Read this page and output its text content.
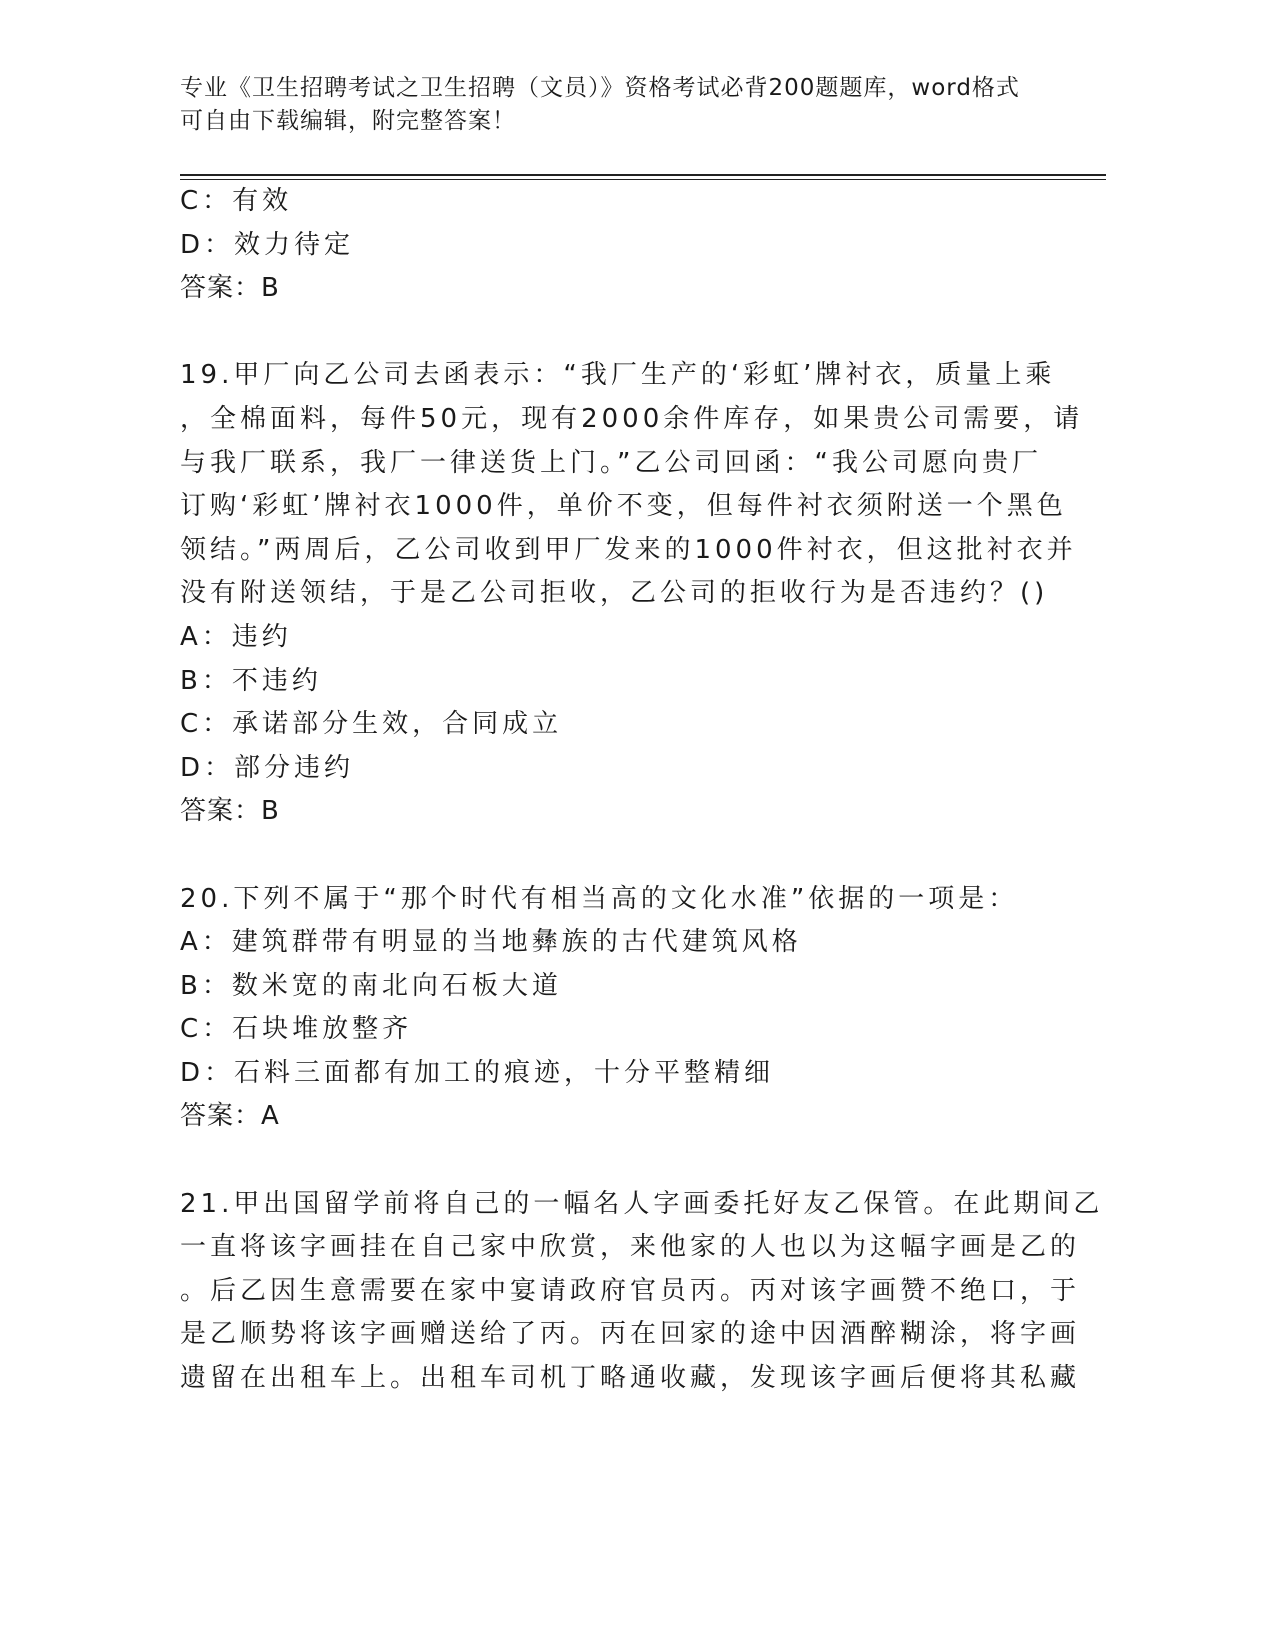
专业《卫生招聘考试之卫生招聘（文员）》资格考试必背200题题库，word格式
可自由下载编辑，附完整答案！
C：有效
D：效力待定
答案：B
19.甲厂向乙公司去函表示：“我厂生产的‘彩虹’牌衬衣，质量上乘
，全棉面料，每件50元，现有2000余件库存，如果贵公司需要，请
与我厂联系，我厂一律送货上门。”乙公司回函：“我公司愿向贵厂
订购‘彩虹’牌衬衣1000件，单价不变，但每件衬衣须附送一个黑色
领结。”两周后，乙公司收到甲厂发来的1000件衬衣，但这批衬衣并
没有附送领结，于是乙公司拒收，乙公司的拒收行为是否违约？()
A：违约
B：不违约
C：承诺部分生效，合同成立
D：部分违约
答案：B
20.下列不属于“那个时代有相当高的文化水准”依据的一项是：
A：建筑群带有明显的当地彝族的古代建筑风格
B：数米宽的南北向石板大道
C：石块堆放整齐
D：石料三面都有加工的痕迹，十分平整精细
答案：A
21.甲出国留学前将自己的一幅名人字画委托好友乙保管。在此期间乙
一直将该字画挂在自己家中欣赏，来他家的人也以为这幅字画是乙的
。后乙因生意需要在家中宴请政府官员丙。丙对该字画赞不绝口，于
是乙顺势将该字画赠送给了丙。丙在回家的途中因酒醉糊涂，将字画
遗留在出租车上。出租车司机丁略通收藏，发现该字画后便将其私藏
